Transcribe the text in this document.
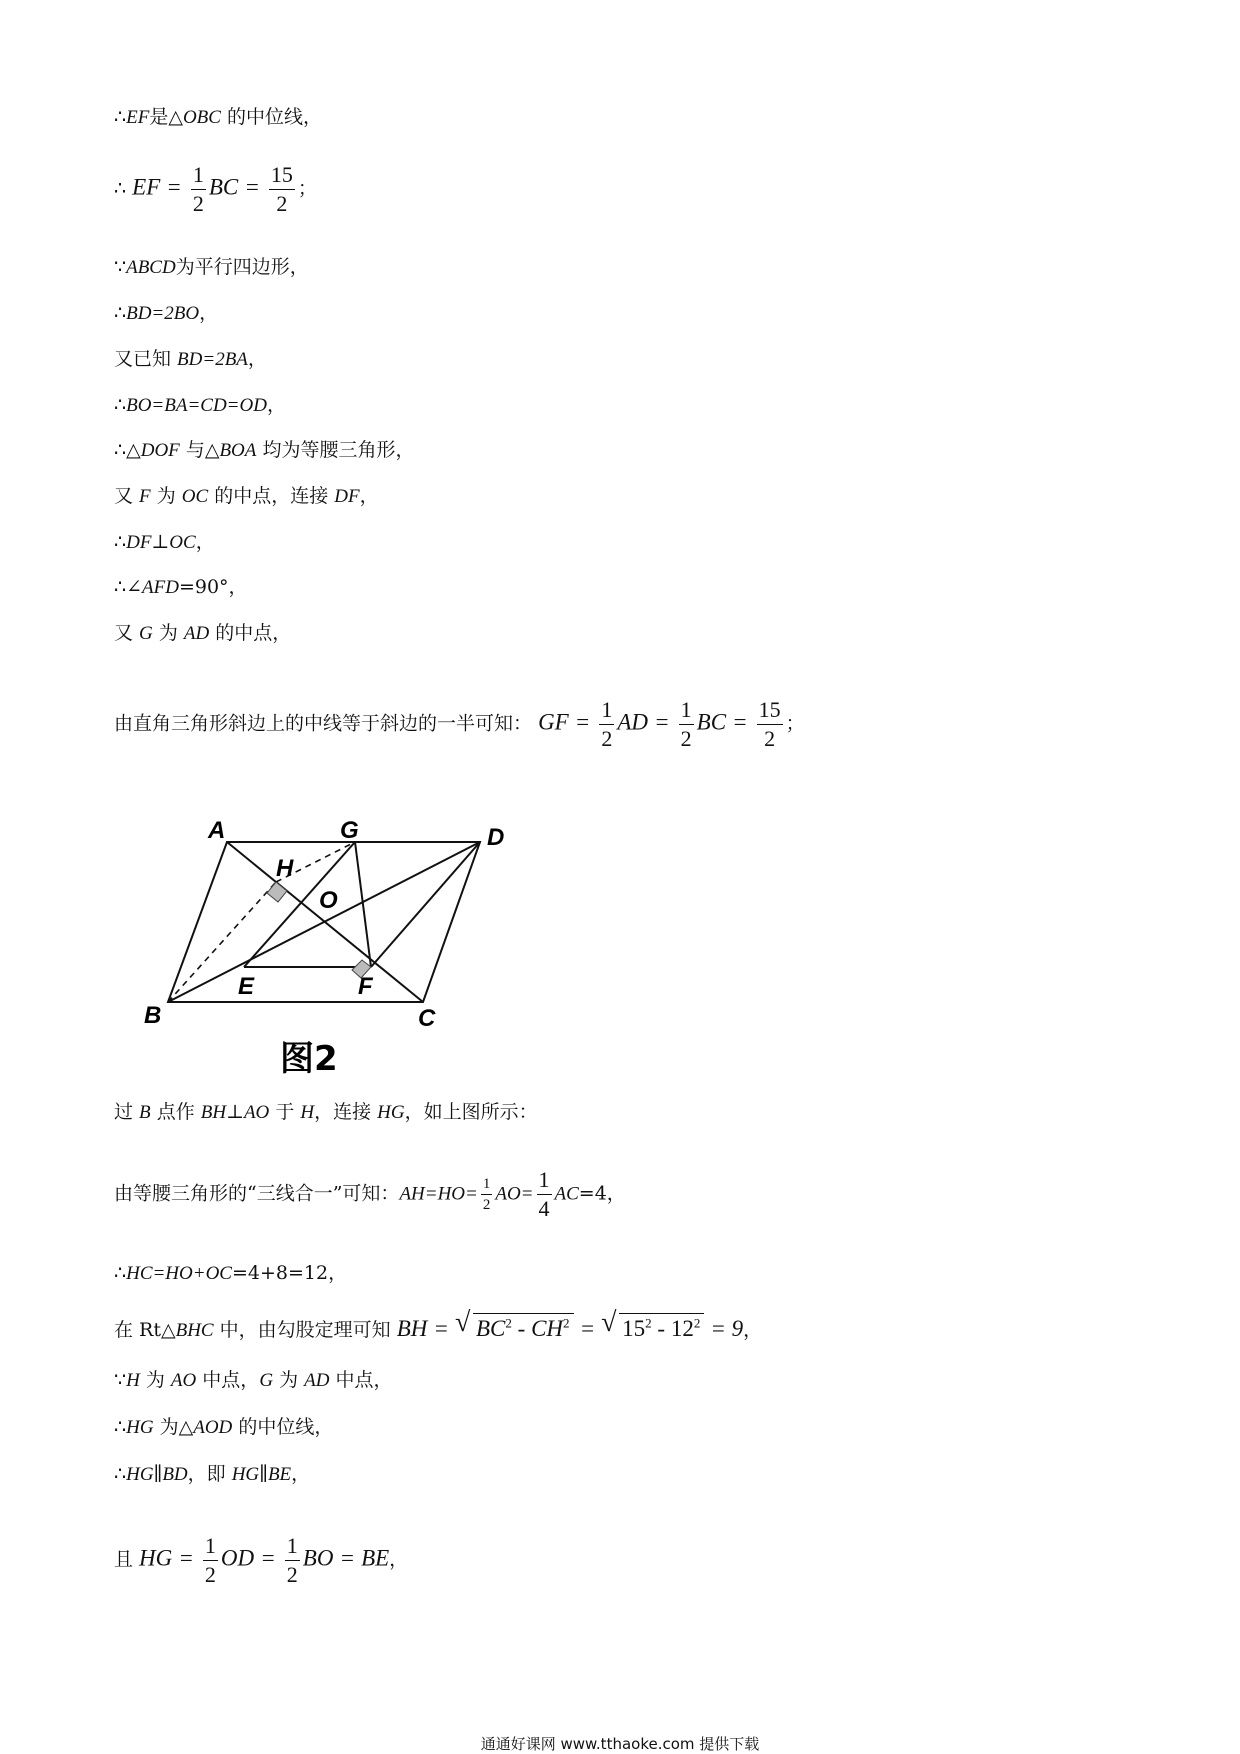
∴EF是△OBC 的中位线，
∴ EF = $\frac{1}{2}$ BC = $\frac{15}{2}$ ；
∵ABCD为平行四边形，
∴BD=2BO，
又已知 BD=2BA，
∴BO=BA=CD=OD，
∴△DOF 与△BOA 均为等腰三角形，
又 F 为 OC 的中点，连接 DF，
∴DF⊥OC，
∴∠AFD=90°，
又 G 为 AD 的中点，
由直角三角形斜边上的中线等于斜边的一半可知： GF = $\frac{1}{2}$ AD = $\frac{1}{2}$ BC = $\frac{15}{2}$ ；
A	G	D
H
O
B
E	F
C
图2
过 B 点作 BH⊥AO 于 H，连接 HG，如上图所示：
由等腰三角形的“三线合一”可知：$AH=HO= \frac{1}{2} AO= \frac{1}{4} AC=4$，
∴HC=HO+OC=4+8=12，
在 Rt△BHC 中，由勾股定理可知 BH = √ $BC^2 - CH^2$ = √ $15^2 - 12^2 = 9$，
∵H 为 AO 中点，G 为 AD 中点，
∴HG 为△AOD 的中位线，
∴HG∥BD，即 HG∥BE，
且 HG = $\frac{1}{2}$ OD = $\frac{1}{2}$ BO = BE，
通通好课网 www.tthaoke.com 提供下载
